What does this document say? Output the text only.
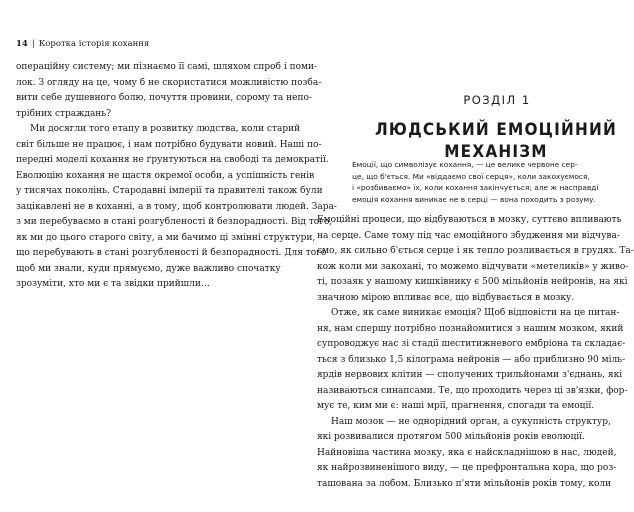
14 | Коротка історія кохання
операційну систему; ми пізнаємо її самі, шляхом спроб і поми-
лок. З огляду на це, чому б не скористатися можливістю позба-
вити себе душевного болю, почуття провини, сорому та непо-
трібних страждань?
Ми досягли того етапу в розвитку людства, коли старий
світ більше не працює, і нам потрібно будувати новий. Наші по-
передні моделі кохання не ґрунтуються на свободі та демократії.
Еволюцію кохання не щастя окремої особи, а успішність генів
у тисячах поколінь. Стародавні імперії та правителі також були
зацікавлені не в коханні, а в тому, щоб контролювати людей. Зара-
з ми перебуваємо в стані розгубленості й безпорадності. Від того,
як ми до цього старого світу, а ми бачимо ці змінні структури,
що перебувають в стані розгубленості й безпорадності. Для того
щоб ми знали, куди прямуємо, дуже важливо спочатку
зрозуміти, хто ми є та звідки прийшли…
РОЗДІЛ 1
ЛЮДСЬКИЙ ЕМОЦІЙНИЙ
МЕХАНІЗМ
Емоції, що символізує кохання, — це велике червоне сер-
це, що б'ється. Ми «віддаємо свої серця», коли закохуємося,
і «розбиваємо» їх, коли кохання закінчується; але ж насправді
емоція кохання виникає не в серці — вона походить з розуму.
Емоційні процеси, що відбуваються в мозку, суттєво впливають
на серце. Саме тому під час емоційного збудження ми відчува-
ємо, як сильно б'ється серце і як тепло розливається в грудях. Та-
кож коли ми закохані, то можемо відчувати «метеликів» у живо-
ті, позаяк у нашому кишківнику є 500 мільйонів нейронів, на які
значною мірою впливає все, що відбувається в мозку.
Отже, як саме виникає емоція? Щоб відповісти на це питан-
ня, нам спершу потрібно познайомитися з нашим мозком, який
супроводжує нас зі стадії шеститижневого ембріона та складає-
ться з близько 1,5 кілограма нейронів — або приблизно 90 міль-
ярдів нервових клітин — сполучених трильйонами з'єднань, які
називаються синапсами. Те, що проходить через ці зв'язки, фор-
мує те, ким ми є: наші мрії, прагнення, спогади та емоції.
Наш мозок — не однорідний орган, а сукупність структур,
які розвивалися протягом 500 мільйонів років еволюції.
Найновіша частина мозку, яка є найскладнішою в нас, людей,
як найрозвиненішого виду, — це префронтальна кора, що роз-
ташована за лобом. Близько п'яти мільйонів років тому, коли
